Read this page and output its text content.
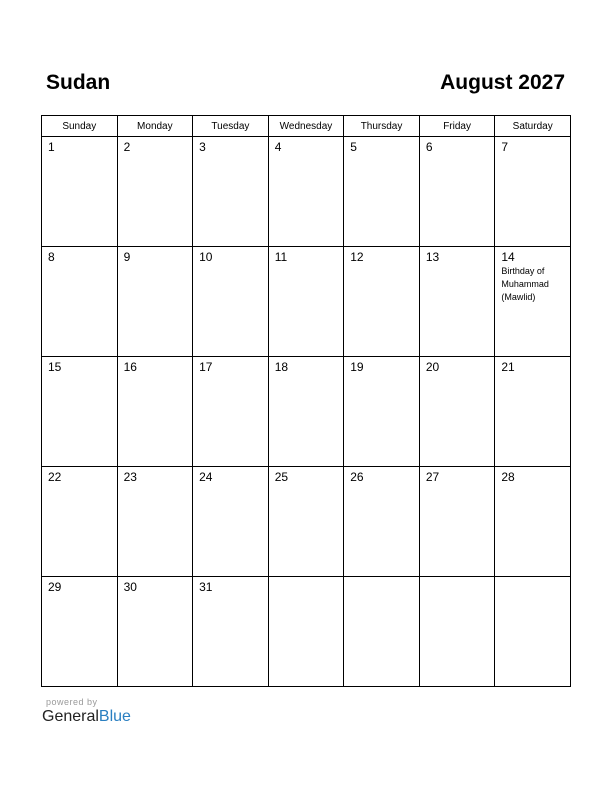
Sudan	August 2027
Sunday	Monday	Tuesday	Wednesday	Thursday	Friday	Saturday

1	2	3	4	5	6	7

8	9	10	11	12	13	14
Birthday of
Muhammad
(Mawlid)

15	16	17	18	19	20	21

22	23	24	25	26	27	28

29	30	31				

powered by
GeneralBlue
